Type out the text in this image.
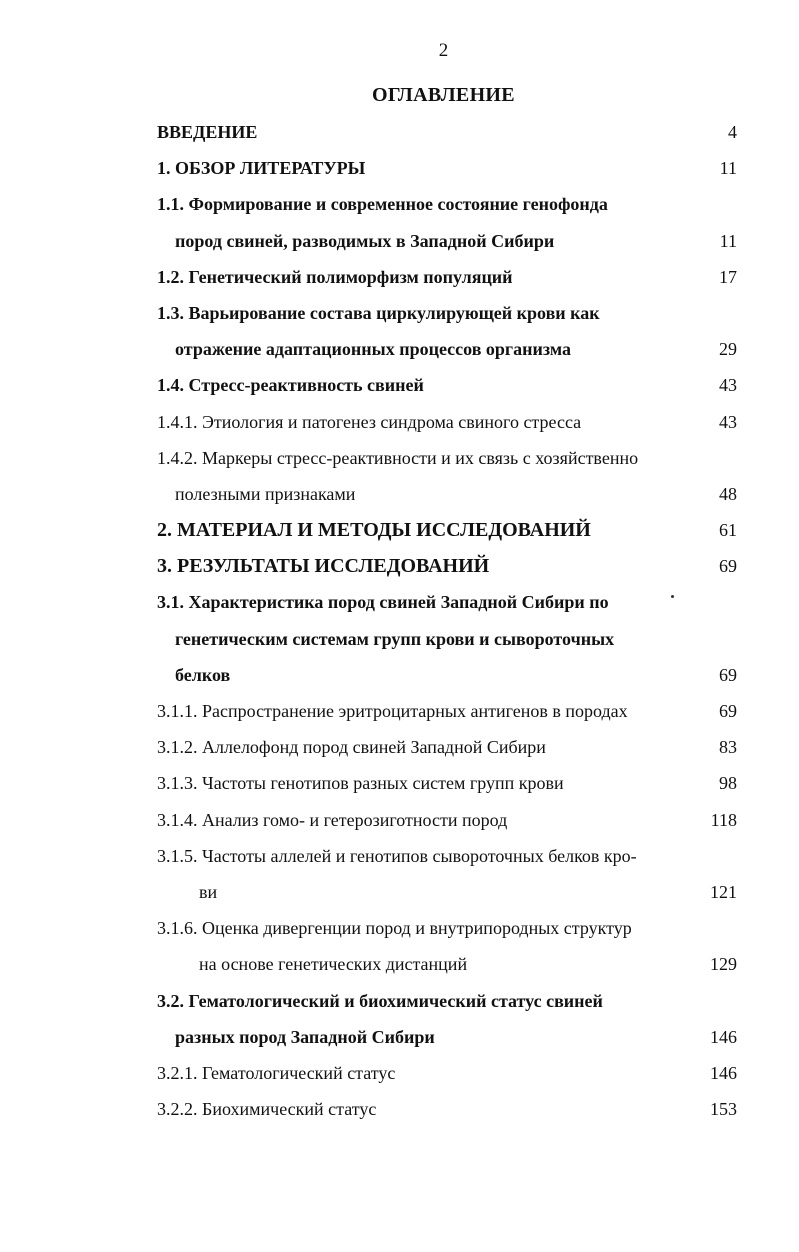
2
ОГЛАВЛЕНИЕ
ВВЕДЕНИЕ	4
1. ОБЗОР ЛИТЕРАТУРЫ	11
1.1. Формирование и современное состояние генофонда
пород свиней, разводимых в Западной Сибири	11
1.2. Генетический полиморфизм популяций	17
1.3. Варьирование состава циркулирующей крови как
отражение адаптационных процессов организма	29
1.4. Стресс-реактивность свиней	43
1.4.1. Этиология и патогенез синдрома свиного стресса	43
1.4.2. Маркеры стресс-реактивности и их связь с хозяйственно
полезными признаками	48
2. МАТЕРИАЛ И МЕТОДЫ ИССЛЕДОВАНИЙ	61
3. РЕЗУЛЬТАТЫ ИССЛЕДОВАНИЙ	69
3.1. Характеристика пород свиней Западной Сибири по
генетическим системам групп крови и сывороточных
белков	69
3.1.1. Распространение эритроцитарных антигенов в породах	69
3.1.2. Аллелофонд пород свиней Западной Сибири	83
3.1.3. Частоты генотипов разных систем групп крови	98
3.1.4. Анализ гомо- и гетерозиготности пород	118
3.1.5. Частоты аллелей и генотипов сывороточных белков кро-
ви	121
3.1.6. Оценка дивергенции пород и внутрипородных структур
на основе генетических дистанций	129
3.2. Гематологический и биохимический статус свиней
разных пород Западной Сибири	146
3.2.1. Гематологический статус	146
3.2.2. Биохимический статус	153
